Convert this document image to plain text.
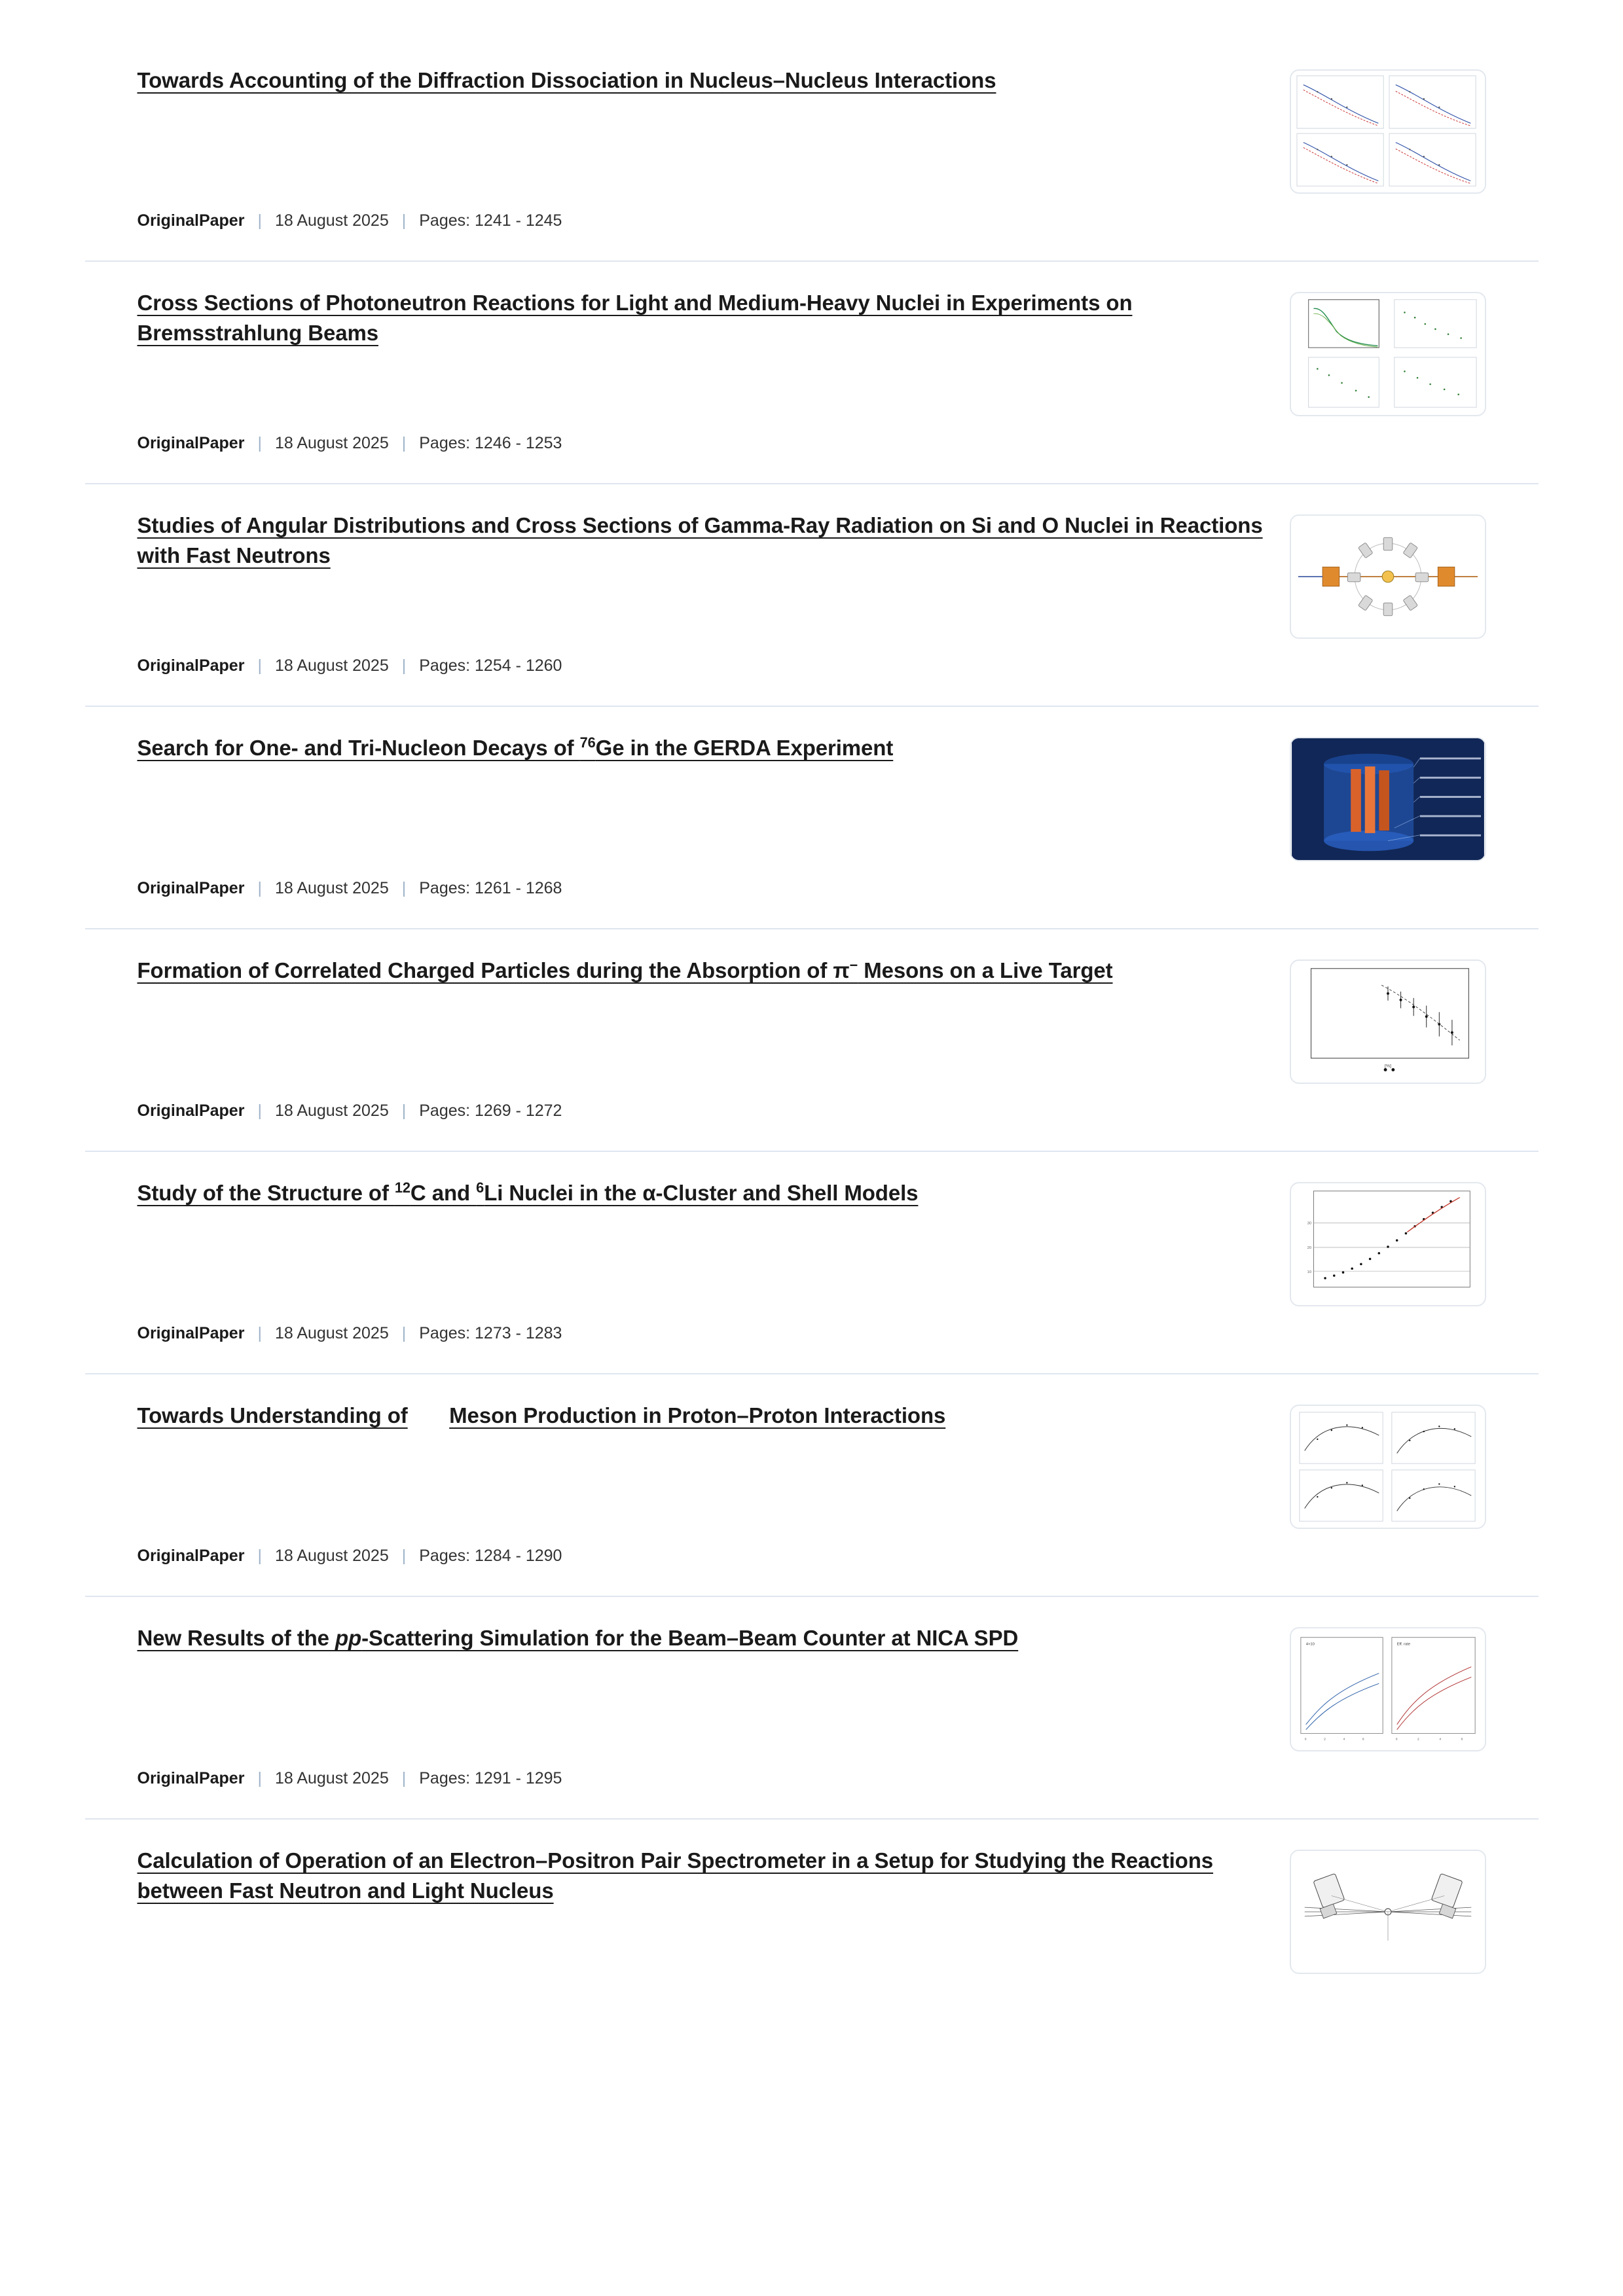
Towards Accounting of the Diffraction Dissociation in Nucleus–Nucleus Interactions
OriginalPaper | 18 August 2025 | Pages: 1241 - 1245
Cross Sections of Photoneutron Reactions for Light and Medium-Heavy Nuclei in Experiments on Bremsstrahlung Beams
OriginalPaper | 18 August 2025 | Pages: 1246 - 1253
Studies of Angular Distributions and Cross Sections of Gamma-Ray Radiation on Si and O Nuclei in Reactions with Fast Neutrons
OriginalPaper | 18 August 2025 | Pages: 1254 - 1260
Search for One- and Tri-Nucleon Decays of $^{76}$Ge in the GERDA Experiment
OriginalPaper | 18 August 2025 | Pages: 1261 - 1268
Formation of Correlated Charged Particles during the Absorption of π− Mesons on a Live Target
OriginalPaper | 18 August 2025 | Pages: 1269 - 1272
[%]
Study of the Structure of $^{12}$C and $^6$Li Nuclei in the α-Cluster and Shell Models
OriginalPaper | 18 August 2025 | Pages: 1273 - 1283
10
20
30
Towards Understanding of Meson Production in Proton–Proton Interactions
OriginalPaper | 18 August 2025 | Pages: 1284 - 1290
New Results of the pp-Scattering Simulation for the Beam–Beam Counter at NICA SPD
OriginalPaper | 18 August 2025 | Pages: 1291 - 1295
4×10	Eff. rate
0	2	4	6	0	2	4	6
Calculation of Operation of an Electron–Positron Pair Spectrometer in a Setup for Studying the Reactions between Fast Neutron and Light Nucleus
